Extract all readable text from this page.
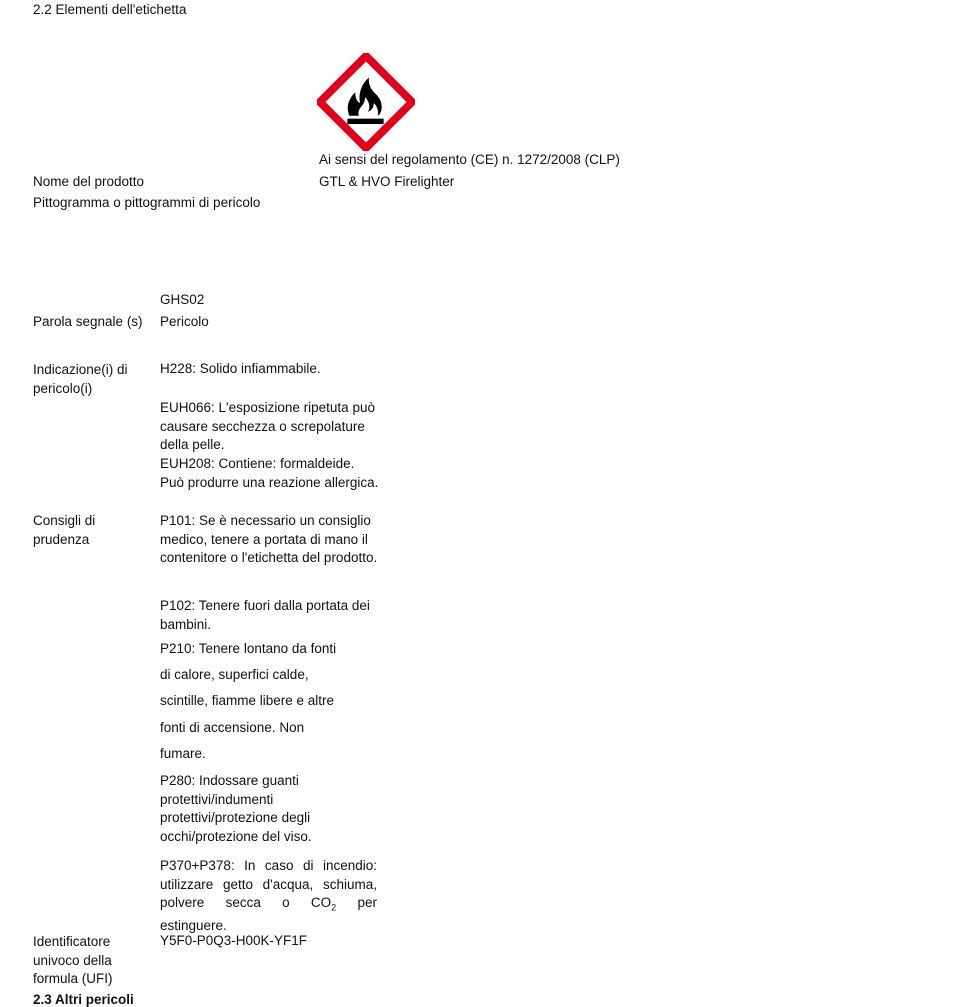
2.2 Elementi dell'etichetta
Ai sensi del regolamento (CE) n. 1272/2008 (CLP)
Nome del prodotto	GTL & HVO Firelighter
Pittogramma o pittogrammi di pericolo
GHS02
Parola segnale (s) Pericolo
Indicazione(i) di pericolo(i)
H228: Solido infiammabile.
EUH066: L'esposizione ripetuta può causare secchezza o screpolature della pelle.
EUH208: Contiene: formaldeide. Può produrre una reazione allergica.
Consigli di prudenza
P101: Se è necessario un consiglio medico, tenere a portata di mano il contenitore o l'etichetta del prodotto.
P102: Tenere fuori dalla portata dei bambini.
P210: Tenere lontano da fonti
di calore, superfici calde,
scintille, fiamme libere e altre
fonti di accensione. Non
fumare.
P280: Indossare guanti protettivi/indumenti protettivi/protezione degli occhi/protezione del viso.
P370+P378: In caso di incendio: utilizzare getto d'acqua, schiuma, polvere secca o $CO_2$ per estinguere.
Identificatore univoco della formula (UFI)
Y5F0-P0Q3-H00K-YF1F
2.3 Altri pericoli
